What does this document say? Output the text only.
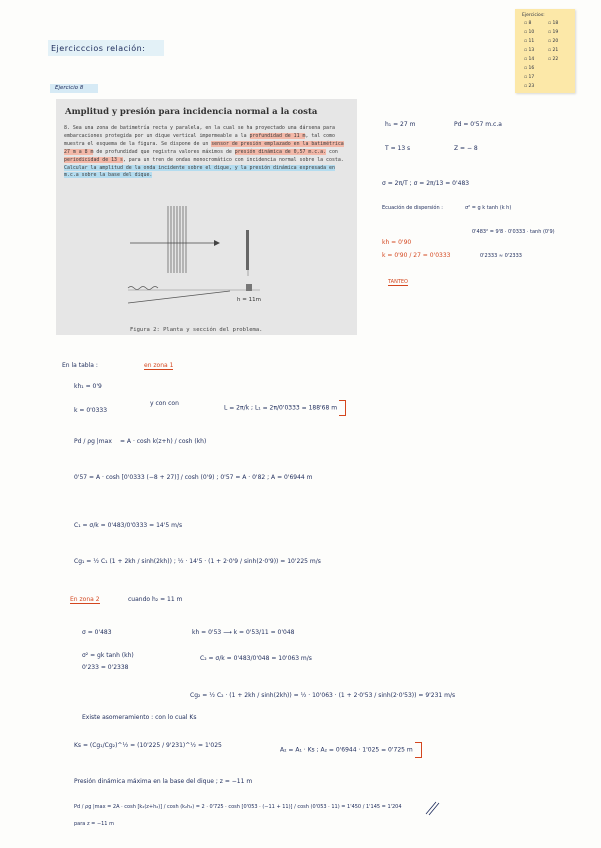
Ejercicccios relación:
Ejercicio 8
Ejercicios:
▫ 8
▫ 10
▫ 11
▫ 13
▫ 14
▫ 16
▫ 17
▫ 18
▫ 19
▫ 20
▫ 21
▫ 22
▫ 23
Amplitud y presión para incidencia normal a la costa
8. Sea una zona de batimetría recta y paralela, en la cual se ha proyectado una dársena para embarcaciones protegida por un dique vertical impermeable a la profundidad de 11 m, tal como muestra el esquema de la figura. Se dispone de un sensor de presión emplazado en la batimétrica 27 m a 8 m de profundidad que registra valores máximos de presión dinámica de 0,57 m.c.a. con periodicidad de 13 s, para un tren de ondas monocromático con incidencia normal sobre la costa. Calcular la amplitud de la onda incidente sobre el dique, y la presión dinámica expresada en m.c.a sobre la base del dique.
h = 11m
Figura 2: Planta y sección del problema.
h₁ = 27 m	Pd = 0'57 m.c.a
T = 13 s	Z = − 8
σ = 2π/T ; σ = 2π/13 = 0'483
Ecuación de dispersión :	σ² = g k tanh (k h)
0'483² = 9'8 · 0'0333 · tanh (0'9)
kh = 0'90
k = 0'90 / 27 = 0'0333	0'2333 ≈ 0'2333
TANTEO
En la tabla :	en zona 1
kh₁ = 0'9
k = 0'0333
y con con
L = 2π/k ; L₁ = 2π/0'0333 = 188'68 m
Pd / ρg |max = A · cosh k(z+h) / cosh (kh)
0'57 = A · cosh [0'0333 (−8 + 27)] / cosh (0'9) ; 0'57 = A · 0'82 ; A = 0'6944 m
C₁ = σ/k = 0'483/0'0333 = 14'5 m/s
Cg₁ = ½ C₁ (1 + 2kh / sinh(2kh)) ; ½ · 14'5 · (1 + 2·0'9 / sinh(2·0'9)) = 10'225 m/s
En zona 2	cuando h₂ = 11 m
σ = 0'483	kh = 0'53 ⟶ k = 0'53/11 = 0'048
σ² = gk tanh (kh)
0'233 = 0'2338
C₂ = σ/k = 0'483/0'048 = 10'063 m/s
Cg₂ = ½ C₂ · (1 + 2kh / sinh(2kh)) = ½ · 10'063 · (1 + 2·0'53 / sinh(2·0'53)) = 9'231 m/s
Existe asomeramiento : con lo cual Ks
Ks = (Cg₁/Cg₂)^½ = (10'225 / 9'231)^½ = 1'025
A₂ = A₁ · Ks ; A₂ = 0'6944 · 1'025 = 0'725 m
Presión dinámica máxima en la base del dique ; z = −11 m
Pd / ρg |max = 2A · cosh [k₂(z+h₂)] / cosh (k₂h₂) = 2 · 0'725 · cosh [0'053 · (−11 + 11)] / cosh (0'053 · 11) = 1'450 / 1'145 = 1'204
para z = −11 m
